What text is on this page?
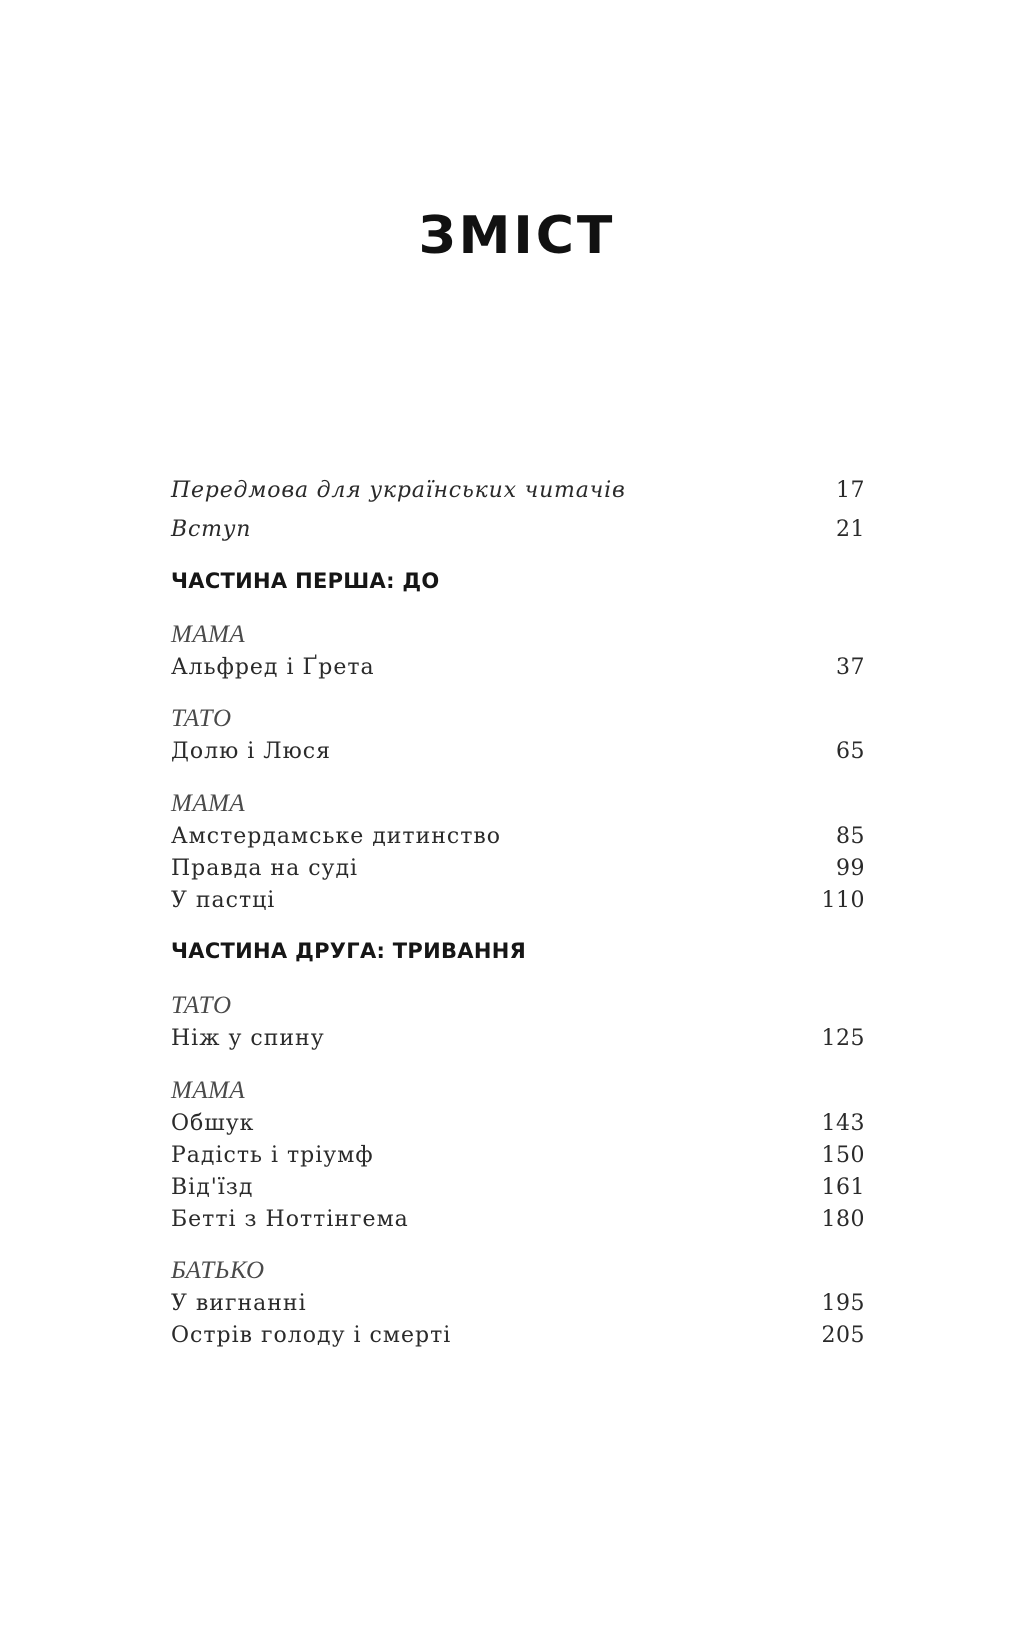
ЗМІСТ
Передмова для українських читачів	17
Вступ	21
ЧАСТИНА ПЕРША: ДО
МАМА
Альфред і Ґрета	37
ТАТО
Долю і Люся	65
МАМА
Амстердамське дитинство	85
Правда на суді	99
У пастці	110
ЧАСТИНА ДРУГА: ТРИВАННЯ
ТАТО
Ніж у спину	125
МАМА
Обшук	143
Радість і тріумф	150
Від'їзд	161
Бетті з Ноттінгема	180
БАТЬКО
У вигнанні	195
Острів голоду і смерті	205
